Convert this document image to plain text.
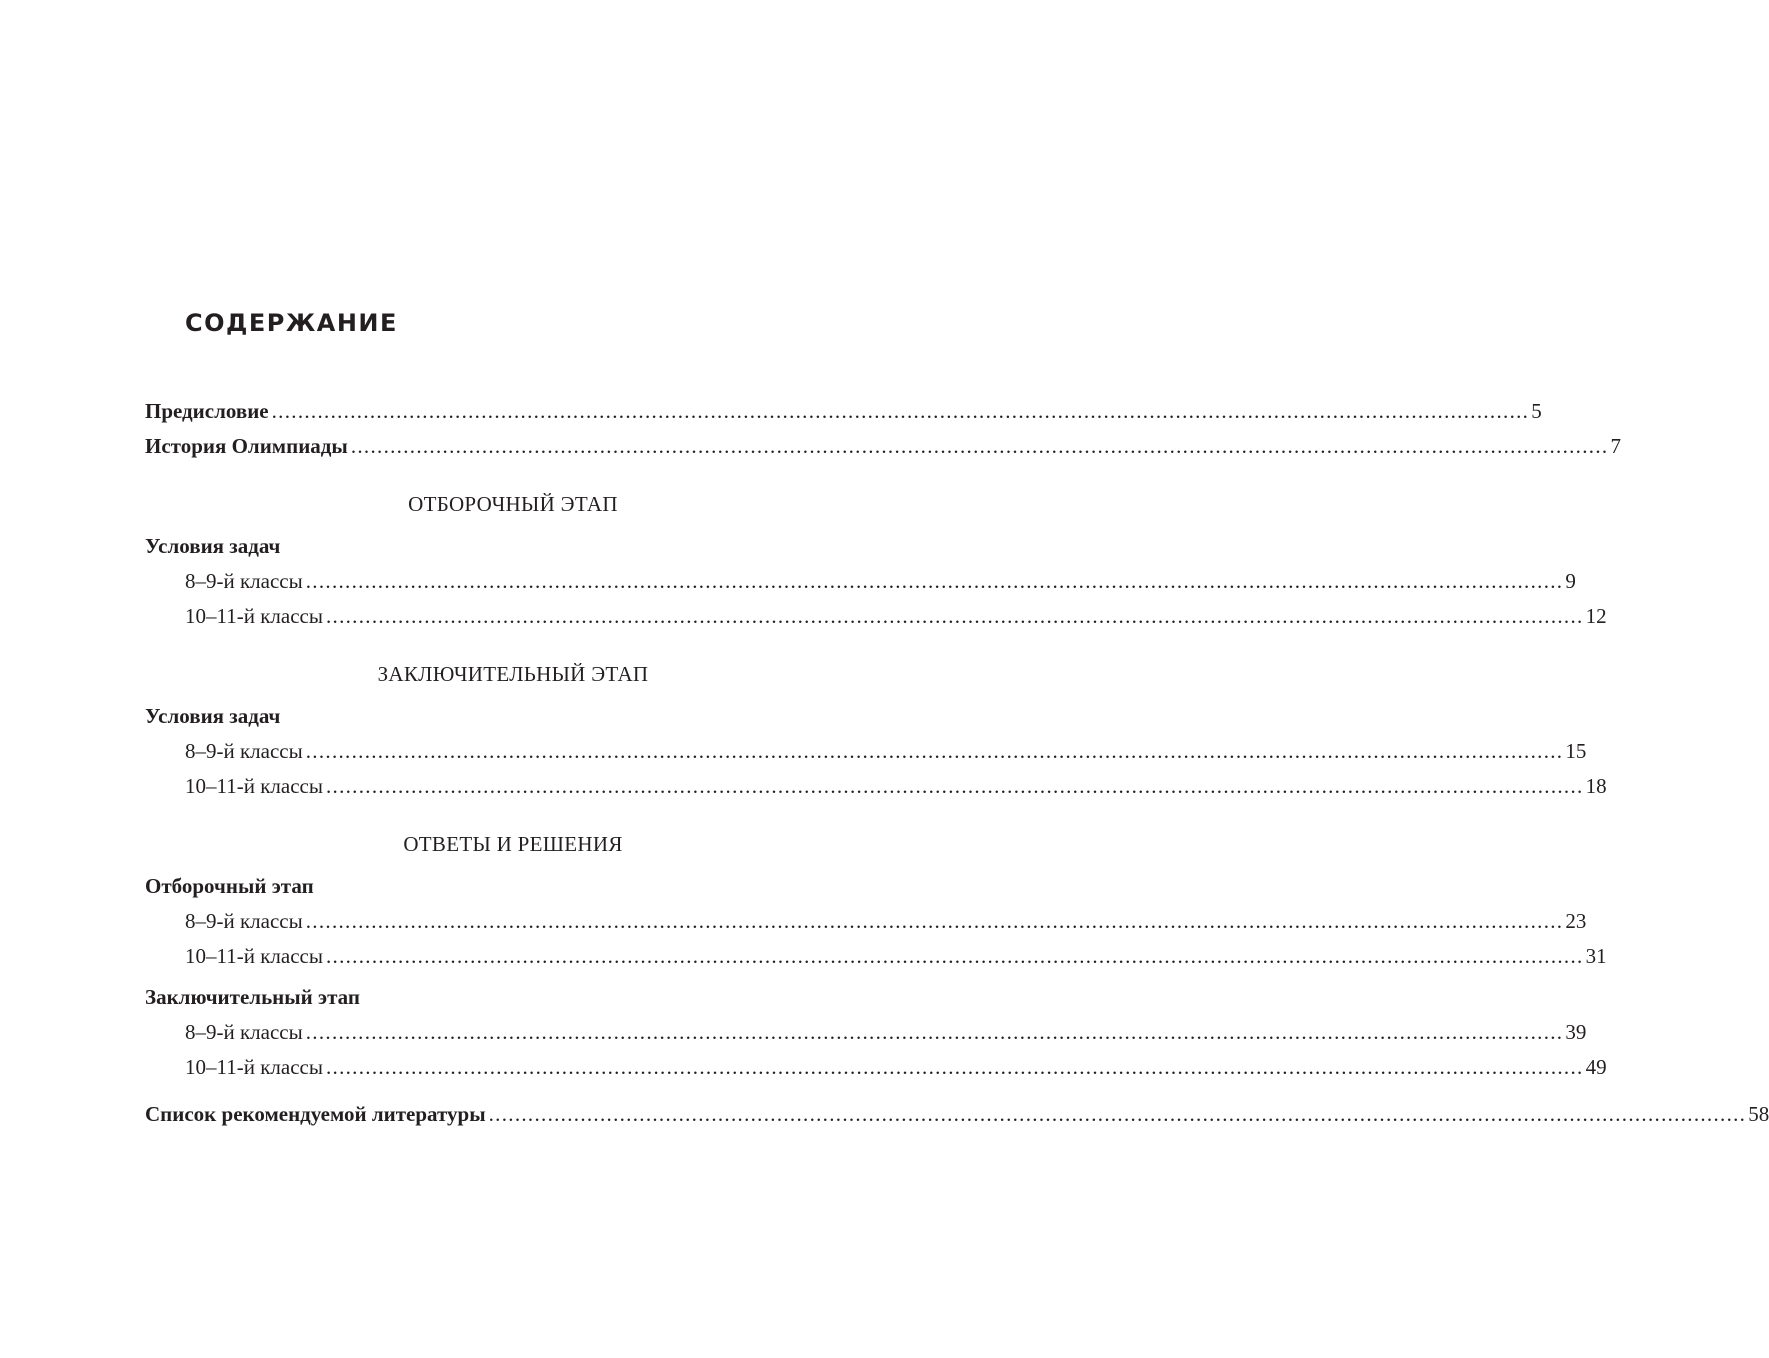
СОДЕРЖАНИЕ
Предисловие ................................................................................................................................................................................................ 5
История Олимпиады ................................................................................................................................................................................................ 7
ОТБОРОЧНЫЙ ЭТАП
Условия задач
8–9-й классы ................................................................................................................................................................................................ 9
10–11-й классы ................................................................................................................................................................................................ 12
ЗАКЛЮЧИТЕЛЬНЫЙ ЭТАП
Условия задач
8–9-й классы ................................................................................................................................................................................................ 15
10–11-й классы ................................................................................................................................................................................................ 18
ОТВЕТЫ И РЕШЕНИЯ
Отборочный этап
8–9-й классы ................................................................................................................................................................................................ 23
10–11-й классы ................................................................................................................................................................................................ 31
Заключительный этап
8–9-й классы ................................................................................................................................................................................................ 39
10–11-й классы ................................................................................................................................................................................................ 49
Список рекомендуемой литературы ................................................................................................................................................................................................ 58
